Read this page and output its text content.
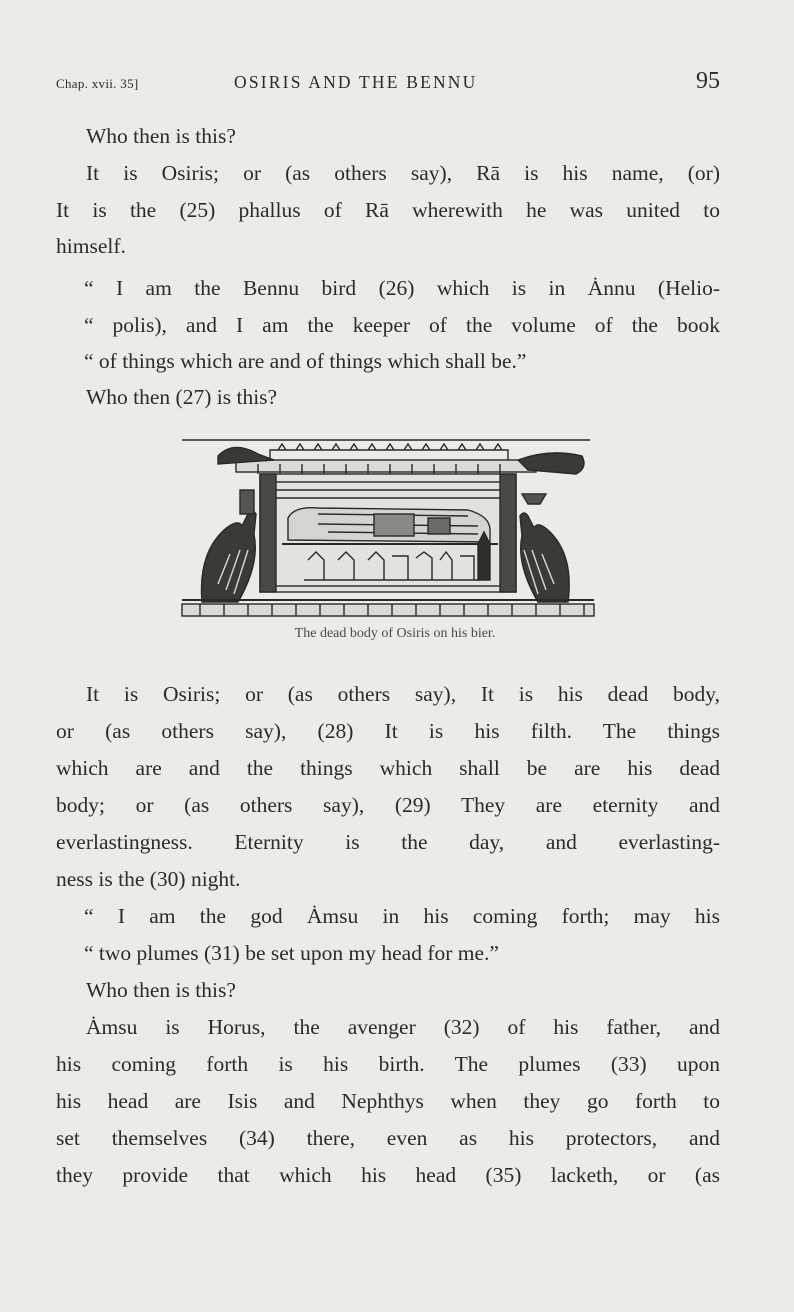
Chap. xvii. 35]	OSIRIS AND THE BENNU	95
Who then is this?
It is Osiris; or (as others say), Rā is his name, (or)
It is the (25) phallus of Rā wherewith he was united to
himself.
“ I am the Bennu bird (26) which is in Ȧnnu (Helio-
“ polis), and I am the keeper of the volume of the book
“ of things which are and of things which shall be.”
Who then (27) is this?
The dead body of Osiris on his bier.
It is Osiris; or (as others say), It is his dead body,
or (as others say), (28) It is his filth. The things
which are and the things which shall be are his dead
body; or (as others say), (29) They are eternity and
everlastingness. Eternity is the day, and everlasting-
ness is the (30) night.
“ I am the god Ȧmsu in his coming forth; may his
“ two plumes (31) be set upon my head for me.”
Who then is this?
Ȧmsu is Horus, the avenger (32) of his father, and
his coming forth is his birth. The plumes (33) upon
his head are Isis and Nephthys when they go forth to
set themselves (34) there, even as his protectors, and
they provide that which his head (35) lacketh, or (as
